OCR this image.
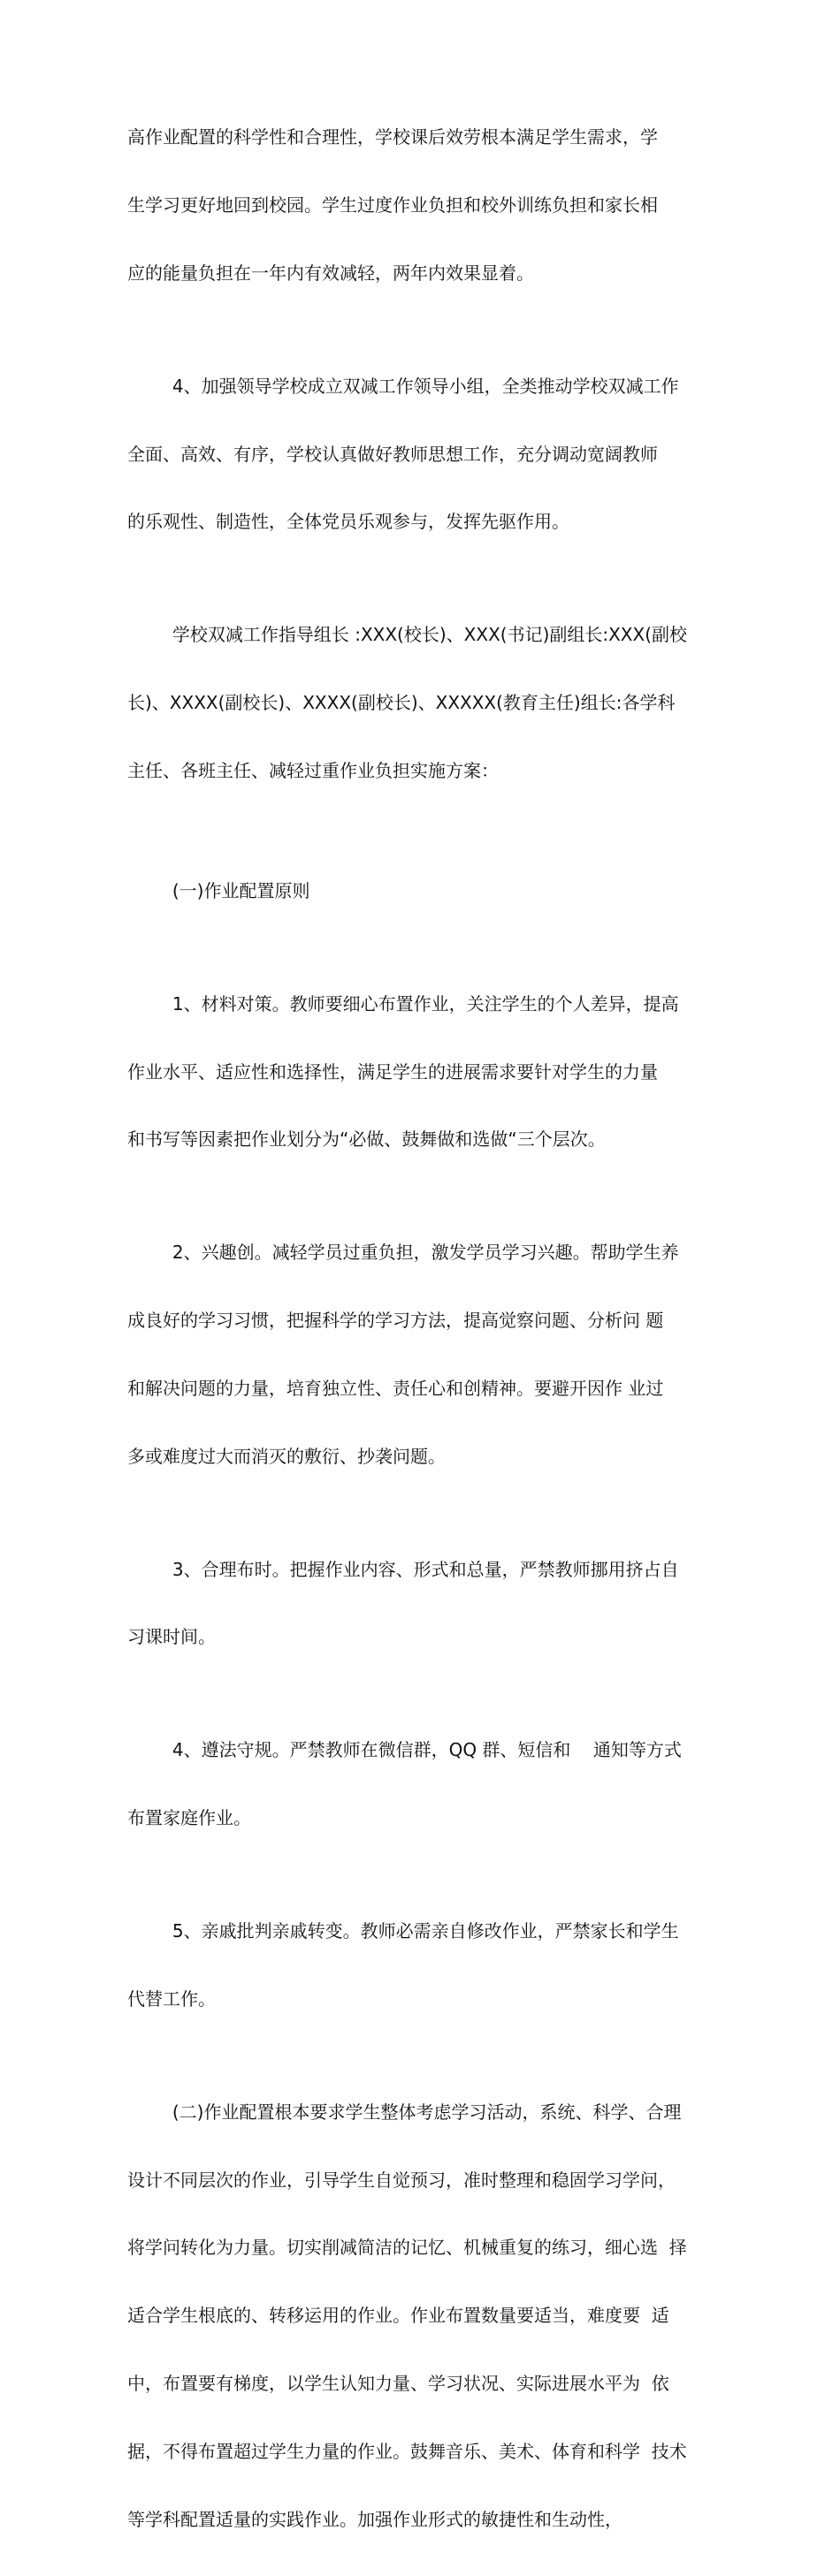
高作业配置的科学性和合理性，学校课后效劳根本满足学生需求，学

生学习更好地回到校园。学生过度作业负担和校外训练负担和家长相

应的能量负担在一年内有效减轻，两年内效果显着。

4、加强领导学校成立双减工作领导小组，全类推动学校双减工作

全面、高效、有序，学校认真做好教师思想工作，充分调动宽阔教师

的乐观性、制造性，全体党员乐观参与，发挥先驱作用。

学校双减工作指导组长 :XXX(校长)、XXX(书记)副组长:XXX(副校

长)、XXXX(副校长)、XXXX(副校长)、XXXXX(教育主任)组长:各学科

主任、各班主任、减轻过重作业负担实施方案：

(一)作业配置原则

1、材料对策。教师要细心布置作业，关注学生的个人差异，提高

作业水平、适应性和选择性，满足学生的进展需求要针对学生的力量

和书写等因素把作业划分为“必做、鼓舞做和选做“三个层次。

2、兴趣创。减轻学员过重负担，激发学员学习兴趣。帮助学生养

成良好的学习习惯，把握科学的学习方法，提高觉察问题、分析问 题

和解决问题的力量，培育独立性、责任心和创精神。要避开因作 业过

多或难度过大而消灭的敷衍、抄袭问题。

3、合理布时。把握作业内容、形式和总量，严禁教师挪用挤占自

习课时间。

4、遵法守规。严禁教师在微信群，QQ 群、短信和    通知等方式

布置家庭作业。

5、亲戚批判亲戚转变。教师必需亲自修改作业，严禁家长和学生

代替工作。

(二)作业配置根本要求学生整体考虑学习活动，系统、科学、合理

设计不同层次的作业，引导学生自觉预习，准时整理和稳固学习学问，

将学问转化为力量。切实削减简洁的记忆、机械重复的练习，细心选  择

适合学生根底的、转移运用的作业。作业布置数量要适当，难度要  适

中，布置要有梯度，以学生认知力量、学习状况、实际进展水平为  依

据，不得布置超过学生力量的作业。鼓舞音乐、美术、体育和科学  技术

等学科配置适量的实践作业。加强作业形式的敏捷性和生动性，
